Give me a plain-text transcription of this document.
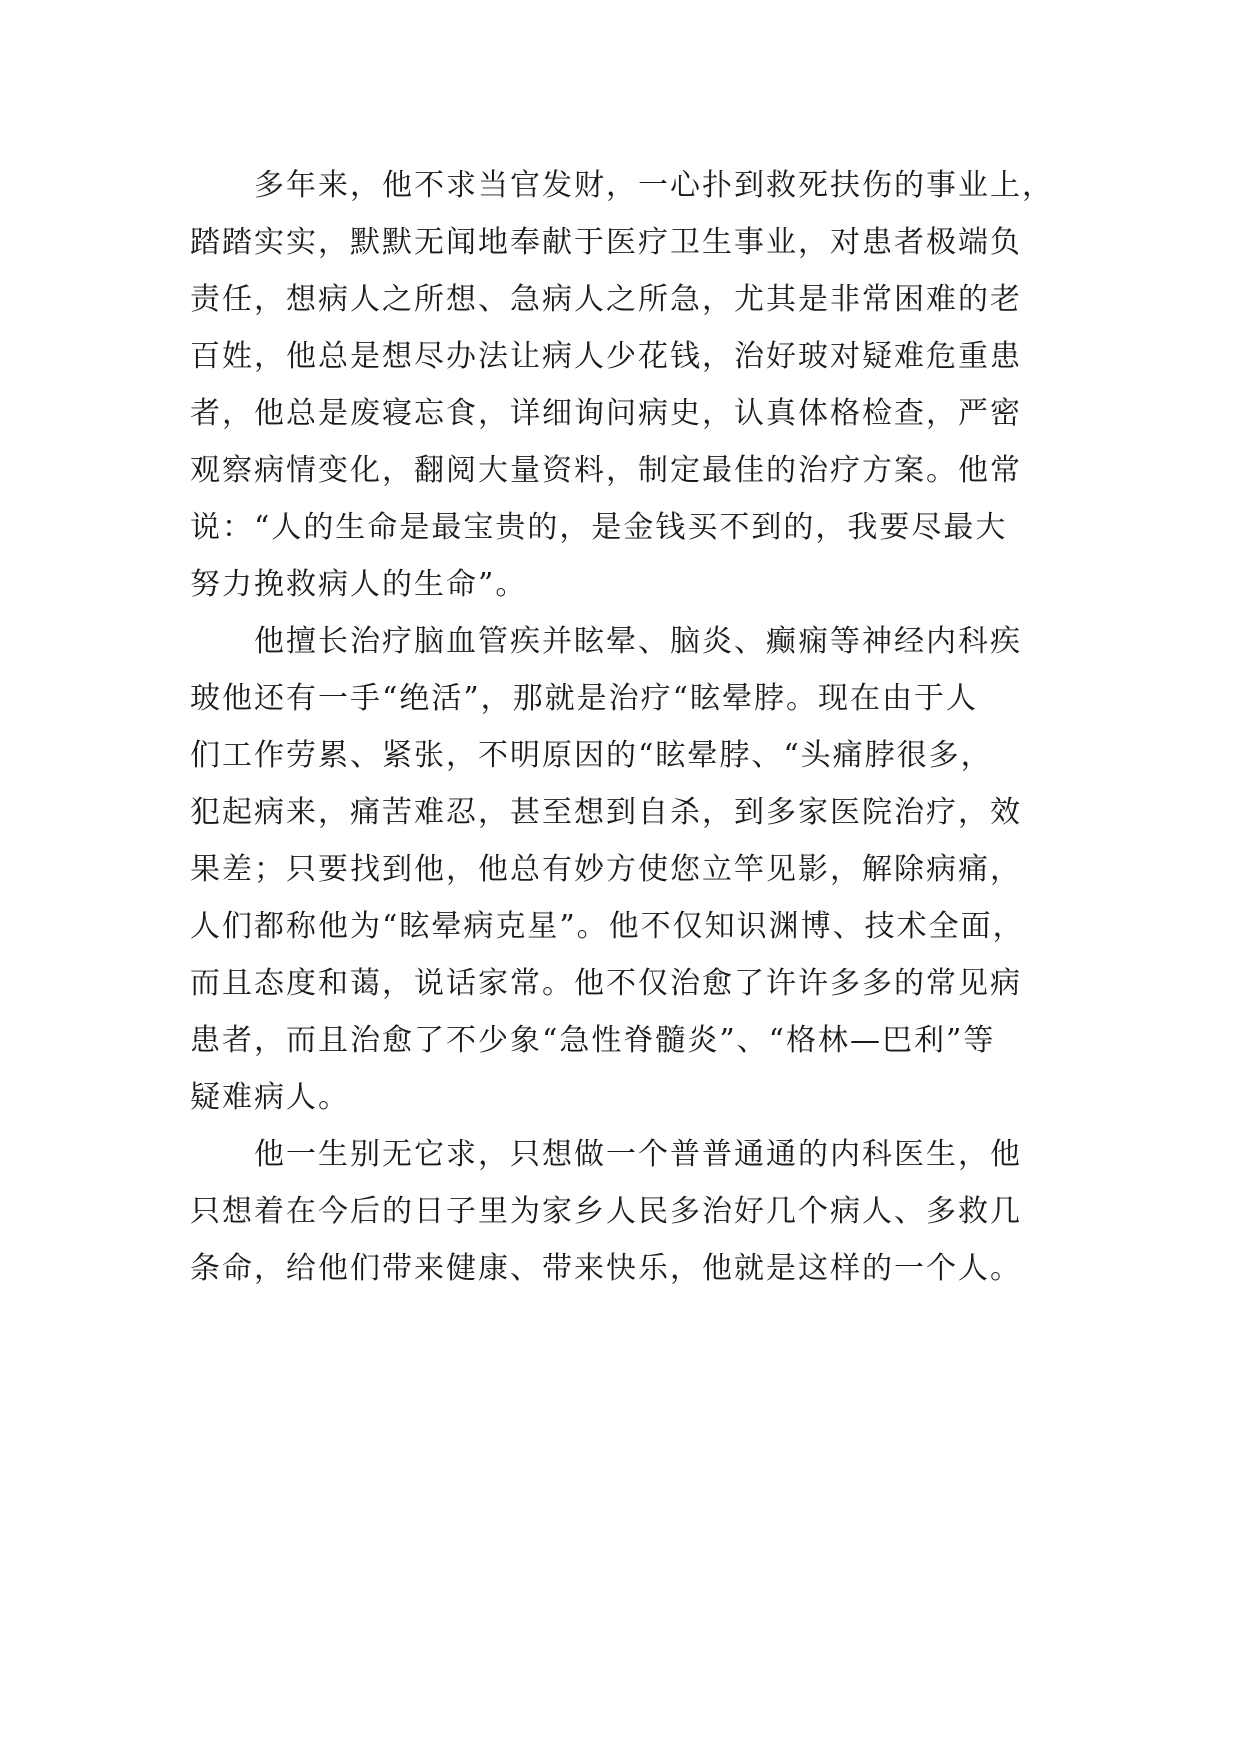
多年来，他不求当官发财，一心扑到救死扶伤的事业上，
踏踏实实，默默无闻地奉献于医疗卫生事业，对患者极端负
责任，想病人之所想、急病人之所急，尤其是非常困难的老
百姓，他总是想尽办法让病人少花钱，治好玻对疑难危重患
者，他总是废寝忘食，详细询问病史，认真体格检查，严密
观察病情变化，翻阅大量资料，制定最佳的治疗方案。他常
说：“人的生命是最宝贵的，是金钱买不到的，我要尽最大
努力挽救病人的生命”。
他擅长治疗脑血管疾并眩晕、脑炎、癫痫等神经内科疾
玻他还有一手“绝活”，那就是治疗“眩晕脖。现在由于人
们工作劳累、紧张，不明原因的“眩晕脖、“头痛脖很多，
犯起病来，痛苦难忍，甚至想到自杀，到多家医院治疗，效
果差；只要找到他，他总有妙方使您立竿见影，解除病痛，
人们都称他为“眩晕病克星”。他不仅知识渊博、技术全面，
而且态度和蔼，说话家常。他不仅治愈了许许多多的常见病
患者，而且治愈了不少象“急性脊髓炎”、“格林—巴利”等
疑难病人。
他一生别无它求，只想做一个普普通通的内科医生，他
只想着在今后的日子里为家乡人民多治好几个病人、多救几
条命，给他们带来健康、带来快乐，他就是这样的一个人。
